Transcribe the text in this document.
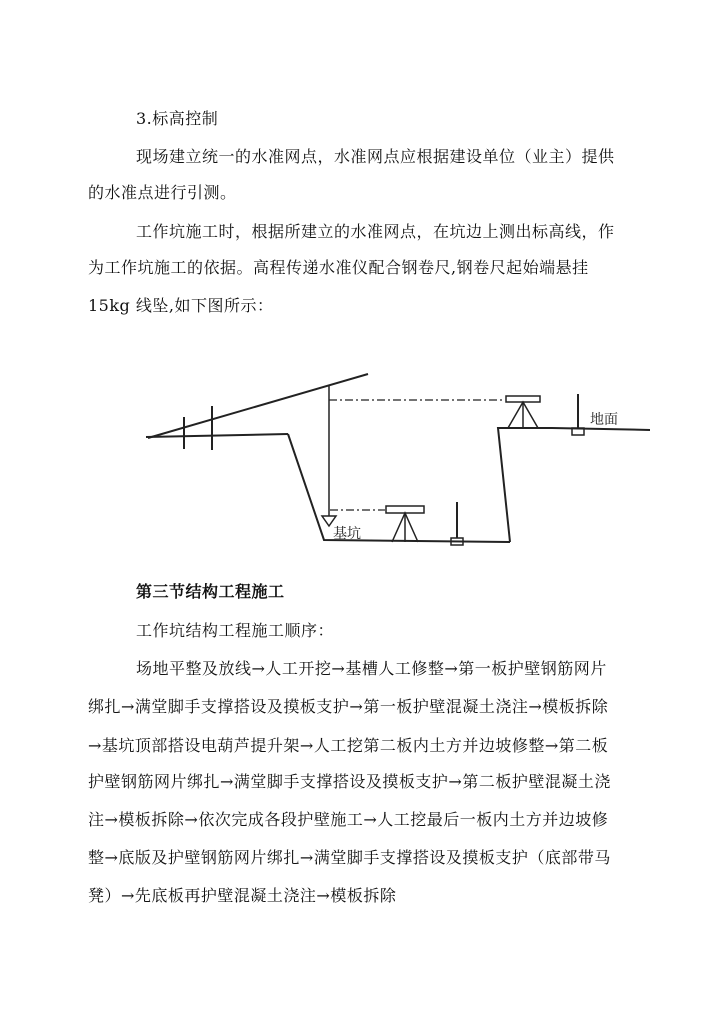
3.标高控制
现场建立统一的水准网点，水准网点应根据建设单位（业主）提供
的水准点进行引测。
工作坑施工时，根据所建立的水准网点，在坑边上测出标高线，作
为工作坑施工的依据。高程传递水准仪配合钢卷尺,钢卷尺起始端悬挂
15kg 线坠,如下图所示：
地面
基坑
第三节结构工程施工
工作坑结构工程施工顺序：
场地平整及放线→人工开挖→基槽人工修整→第一板护壁钢筋网片
绑扎→满堂脚手支撑搭设及摸板支护→第一板护壁混凝土浇注→模板拆除
→基坑顶部搭设电葫芦提升架→人工挖第二板内土方并边坡修整→第二板
护壁钢筋网片绑扎→满堂脚手支撑搭设及摸板支护→第二板护壁混凝土浇
注→模板拆除→依次完成各段护壁施工→人工挖最后一板内土方并边坡修
整→底版及护壁钢筋网片绑扎→满堂脚手支撑搭设及摸板支护（底部带马
凳）→先底板再护壁混凝土浇注→模板拆除
